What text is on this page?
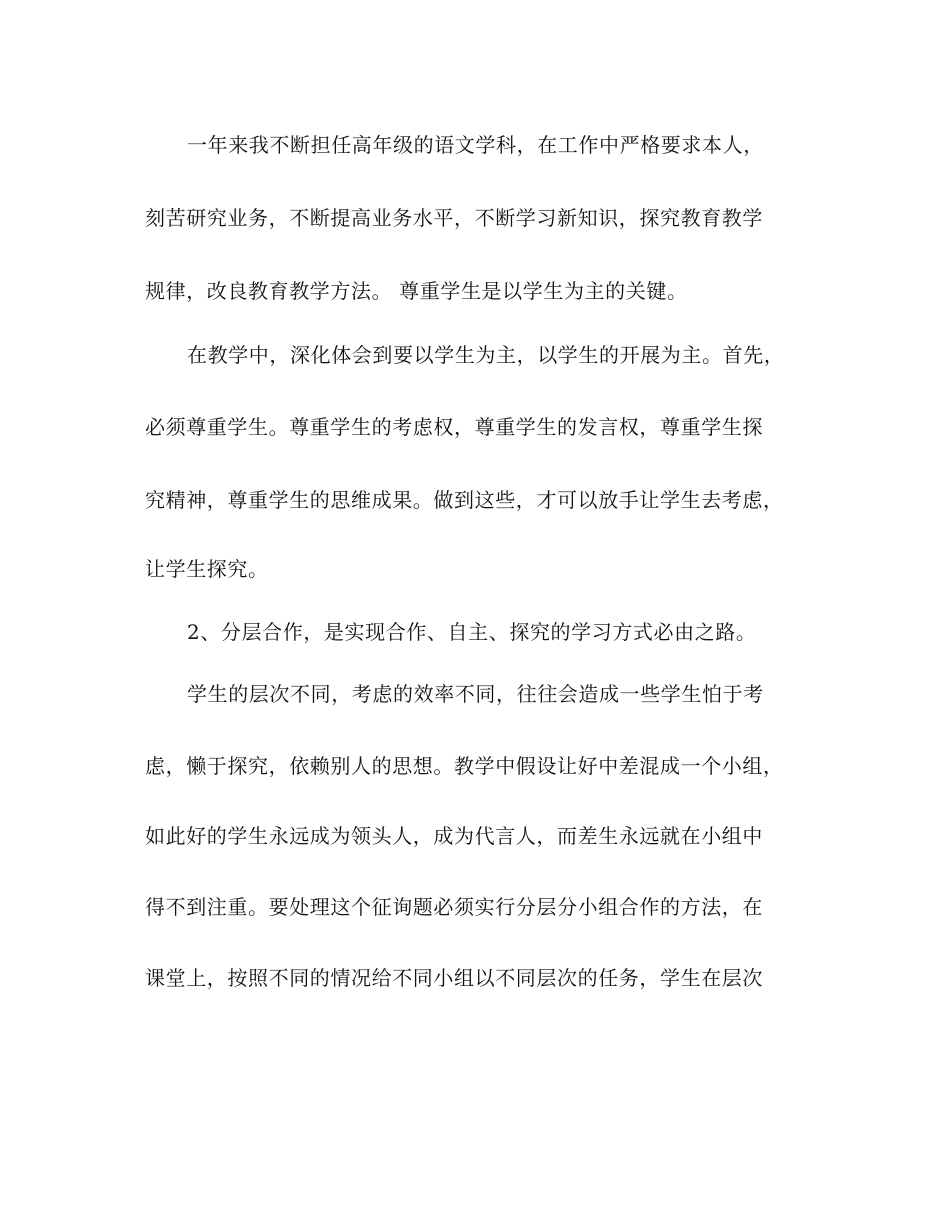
一年来我不断担任高年级的语文学科，在工作中严格要求本人，
刻苦研究业务，不断提高业务水平，不断学习新知识，探究教育教学
规律，改良教育教学方法。 尊重学生是以学生为主的关键。
在教学中，深化体会到要以学生为主，以学生的开展为主。首先，
必须尊重学生。尊重学生的考虑权，尊重学生的发言权，尊重学生探
究精神，尊重学生的思维成果。做到这些，才可以放手让学生去考虑，
让学生探究。
2、分层合作，是实现合作、自主、探究的学习方式必由之路。
学生的层次不同，考虑的效率不同，往往会造成一些学生怕于考
虑，懒于探究，依赖别人的思想。教学中假设让好中差混成一个小组，
如此好的学生永远成为领头人，成为代言人，而差生永远就在小组中
得不到注重。要处理这个征询题必须实行分层分小组合作的方法，在
课堂上，按照不同的情况给不同小组以不同层次的任务，学生在层次
